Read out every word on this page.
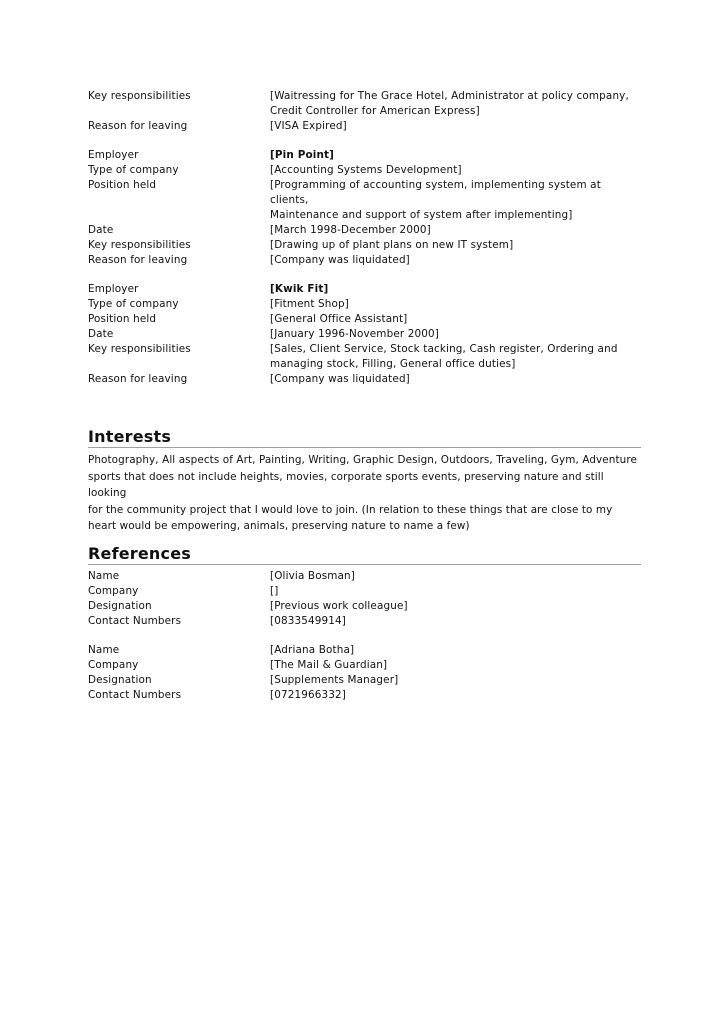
Key responsibilities	[Waitressing for The Grace Hotel, Administrator at policy company,
Credit Controller for American Express]
Reason for leaving	[VISA Expired]
Employer	[Pin Point]
Type of company	[Accounting Systems Development]
Position held	[Programming of accounting system, implementing system at clients,
Maintenance and support of system after implementing]
Date	[March 1998-December 2000]
Key responsibilities	[Drawing up of plant plans on new IT system]
Reason for leaving	[Company was liquidated]
Employer	[Kwik Fit]
Type of company	[Fitment Shop]
Position held	[General Office Assistant]
Date	[January 1996-November 2000]
Key responsibilities	[Sales, Client Service, Stock tacking, Cash register, Ordering and
managing stock, Filling, General office duties]
Reason for leaving	[Company was liquidated]
Interests

Photography, All aspects of Art, Painting, Writing, Graphic Design, Outdoors, Traveling, Gym, Adventure
sports that does not include heights, movies, corporate sports events, preserving nature and still looking
for the community project that I would love to join. (In relation to these things that are close to my
heart would be empowering, animals, preserving nature to name a few)

References
Name	[Olivia Bosman]
Company	[]
Designation	[Previous work colleague]
Contact Numbers	[0833549914]
Name	[Adriana Botha]
Company	[The Mail & Guardian]
Designation	[Supplements Manager]
Contact Numbers	[0721966332]
